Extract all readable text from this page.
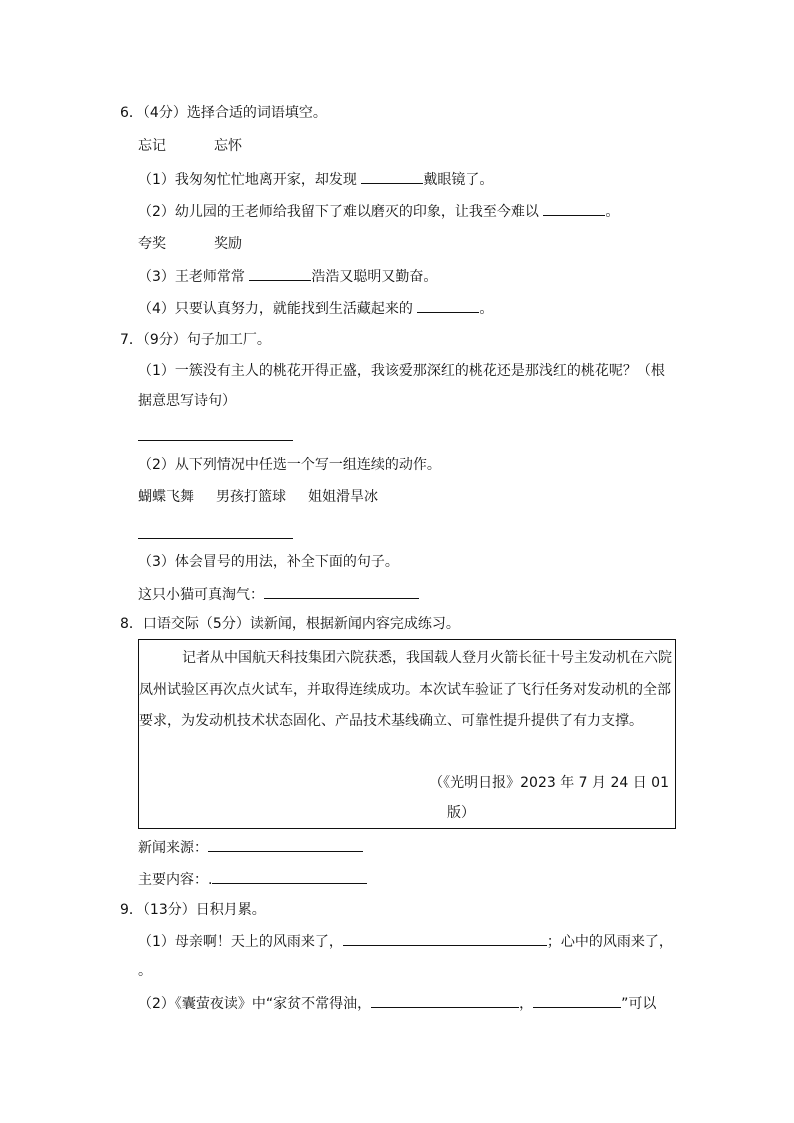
6．（4分）选择合适的词语填空。
忘记	忘怀
（1）我匆匆忙忙地离开家，却发现	戴眼镜了。
（2）幼儿园的王老师给我留下了难以磨灭的印象，让我至今难以	。
夸奖	奖励
（3）王老师常常	浩浩又聪明又勤奋。
（4）只要认真努力，就能找到生活藏起来的	。
7．（9分）句子加工厂。
（1）一簇没有主人的桃花开得正盛，我该爱那深红的桃花还是那浅红的桃花呢？（根
据意思写诗句）
（2）从下列情况中任选一个写一组连续的动作。
蝴蝶飞舞 男孩打篮球 姐姐滑旱冰
（3）体会冒号的用法，补全下面的句子。
这只小猫可真淘气：
8．口语交际（5分）读新闻，根据新闻内容完成练习。
记者从中国航天科技集团六院获悉，我国载人登月火箭长征十号主发动机在六院
凤州试验区再次点火试车，并取得连续成功。本次试车验证了飞行任务对发动机的全部
要求，为发动机技术状态固化、产品技术基线确立、可靠性提升提供了有力支撑。
（《光明日报》2023 年 7 月 24 日 01
版）
新闻来源：
主要内容：.
9．（13分）日积月累。
（1）母亲啊！天上的风雨来了，	；心中的风雨来了，
。
（2）《囊萤夜读》中“家贫不常得油，	，	”可以
